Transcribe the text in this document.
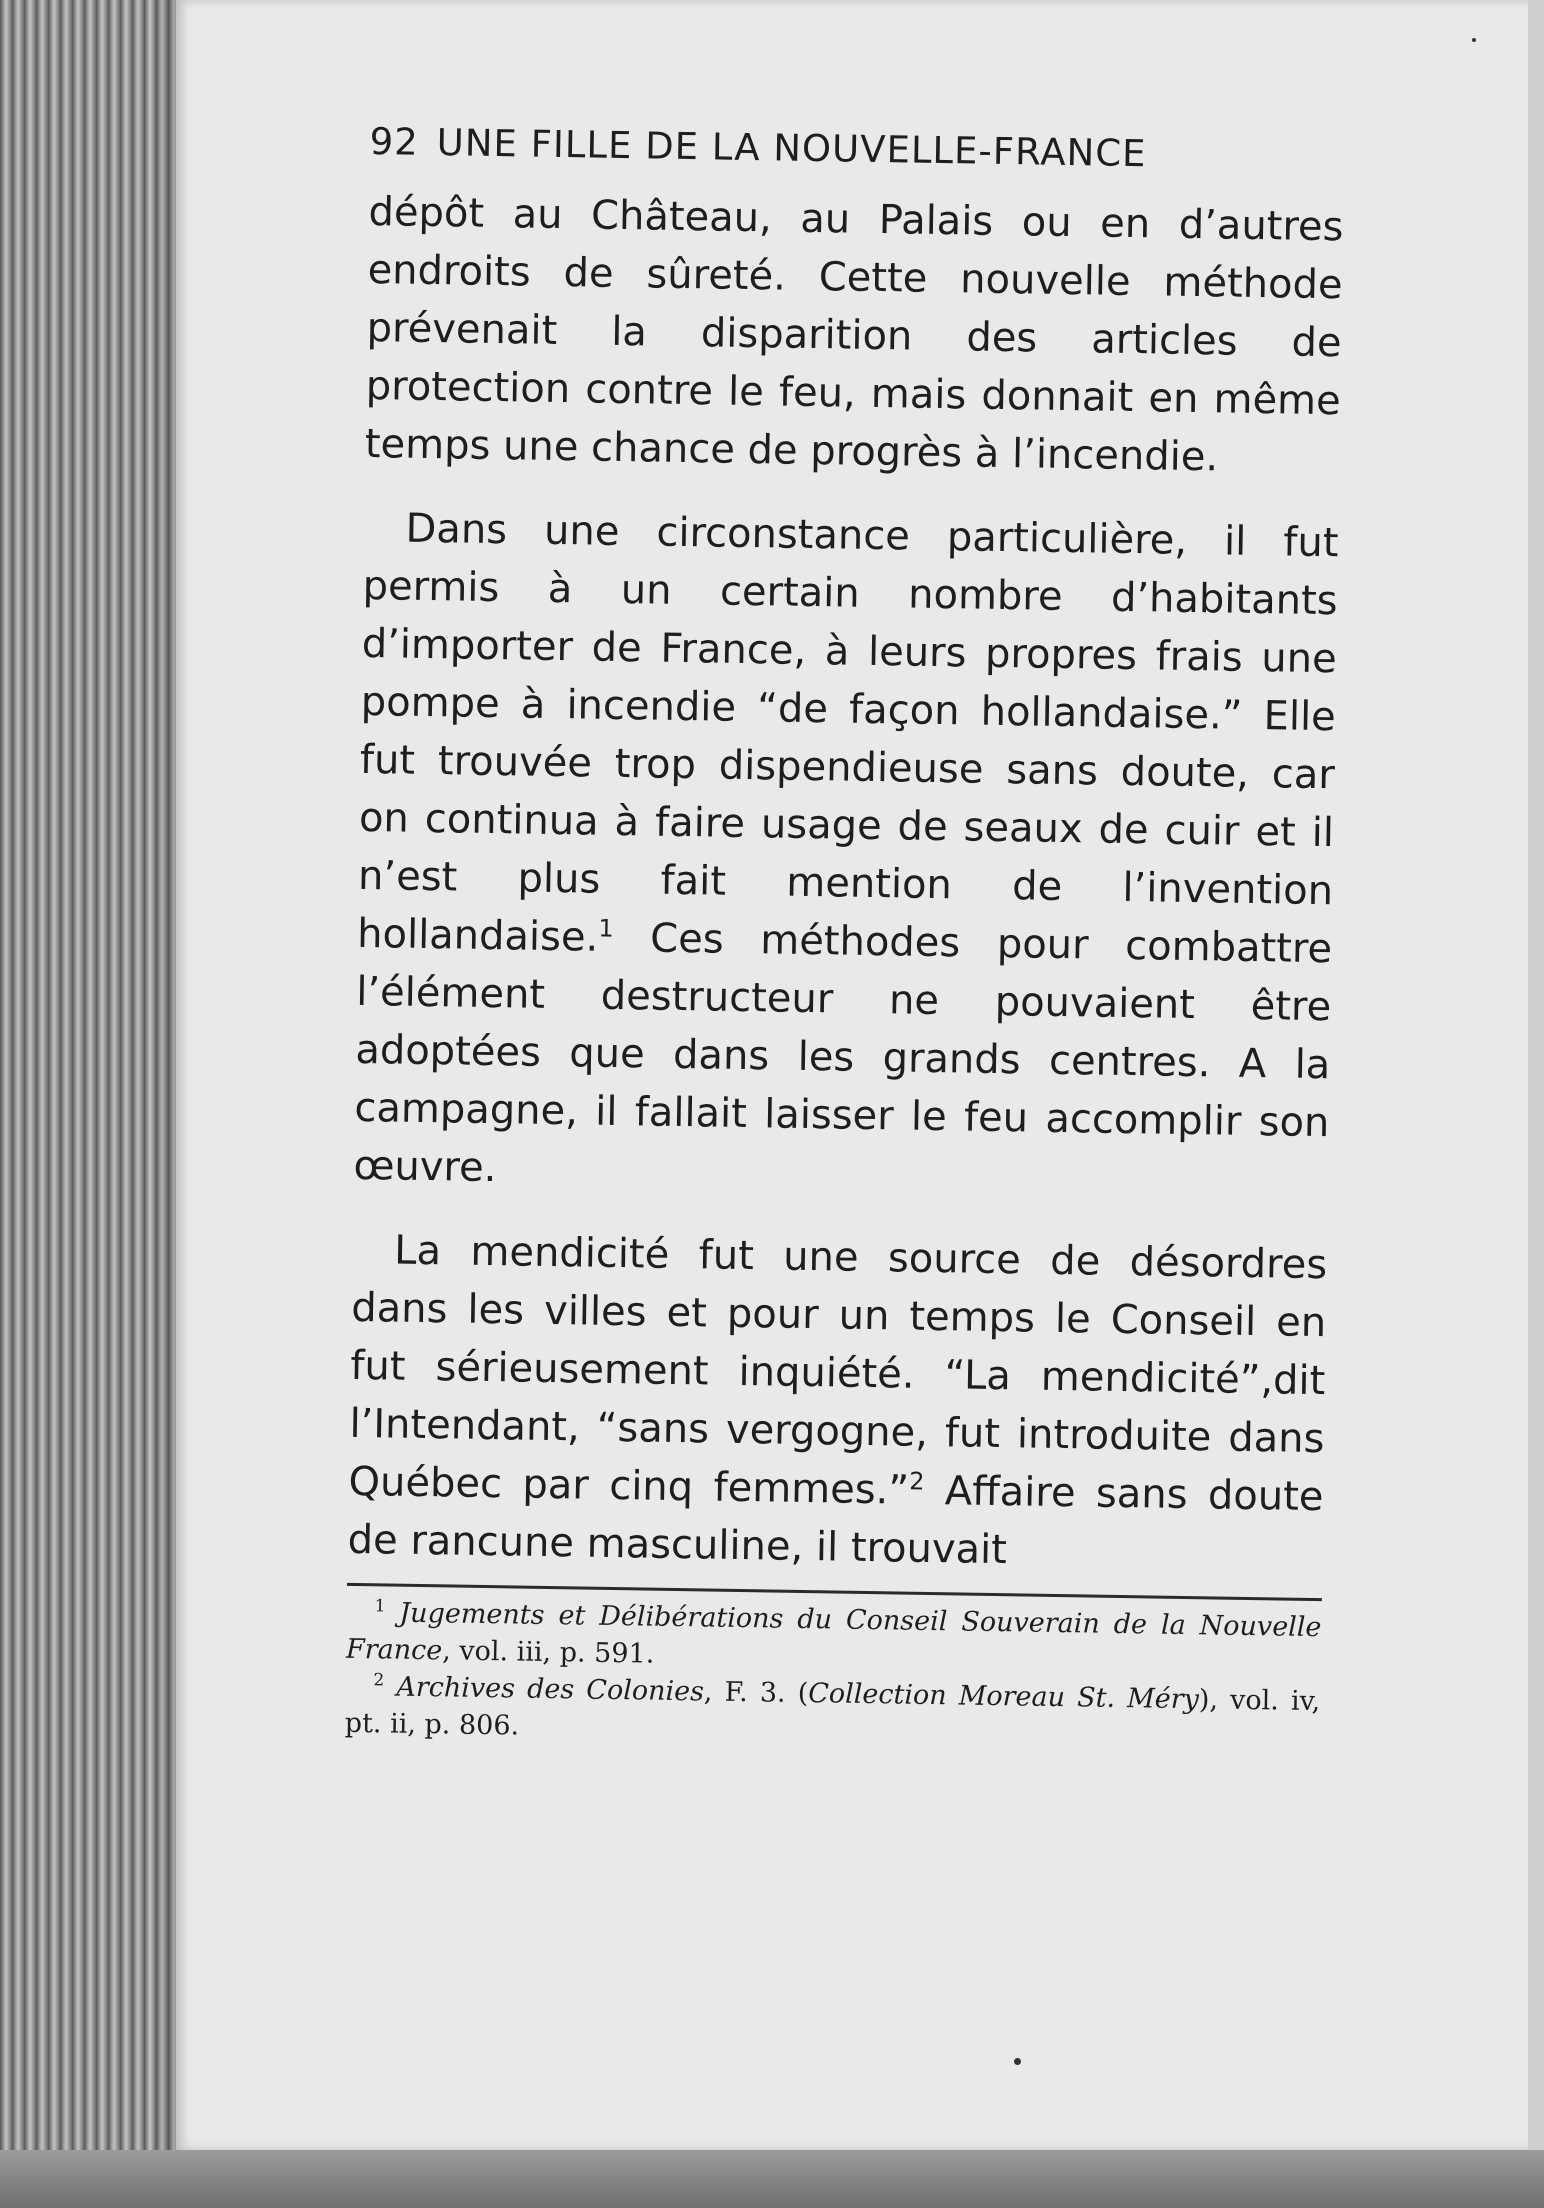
92 UNE FILLE DE LA NOUVELLE-FRANCE

dépôt au Château, au Palais ou en d’autres endroits de sûreté. Cette nouvelle méthode prévenait la disparition des articles de protection contre le feu, mais donnait en même temps une chance de progrès à l’incendie.

Dans une circonstance particulière, il fut permis à un certain nombre d’habitants d’importer de France, à leurs propres frais une pompe à incendie “de façon hollandaise.” Elle fut trouvée trop dispendieuse sans doute, car on continua à faire usage de seaux de cuir et il n’est plus fait mention de l’invention hollandaise.$^1$ Ces méthodes pour combattre l’élément destructeur ne pouvaient être adoptées que dans les grands centres. A la campagne, il fallait laisser le feu accomplir son œuvre.

La mendicité fut une source de désordres dans les villes et pour un temps le Conseil en fut sérieusement inquiété. “La mendicité”,dit l’Intendant, “sans vergogne, fut introduite dans Québec par cinq femmes.”$^2$ Affaire sans doute de rancune masculine, il trouvait

$^1$ Jugements et Délibérations du Conseil Souverain de la Nouvelle France, vol. iii, p. 591.

$^2$ Archives des Colonies, F. 3. (Collection Moreau St. Méry), vol. iv, pt. ii, p. 806.
